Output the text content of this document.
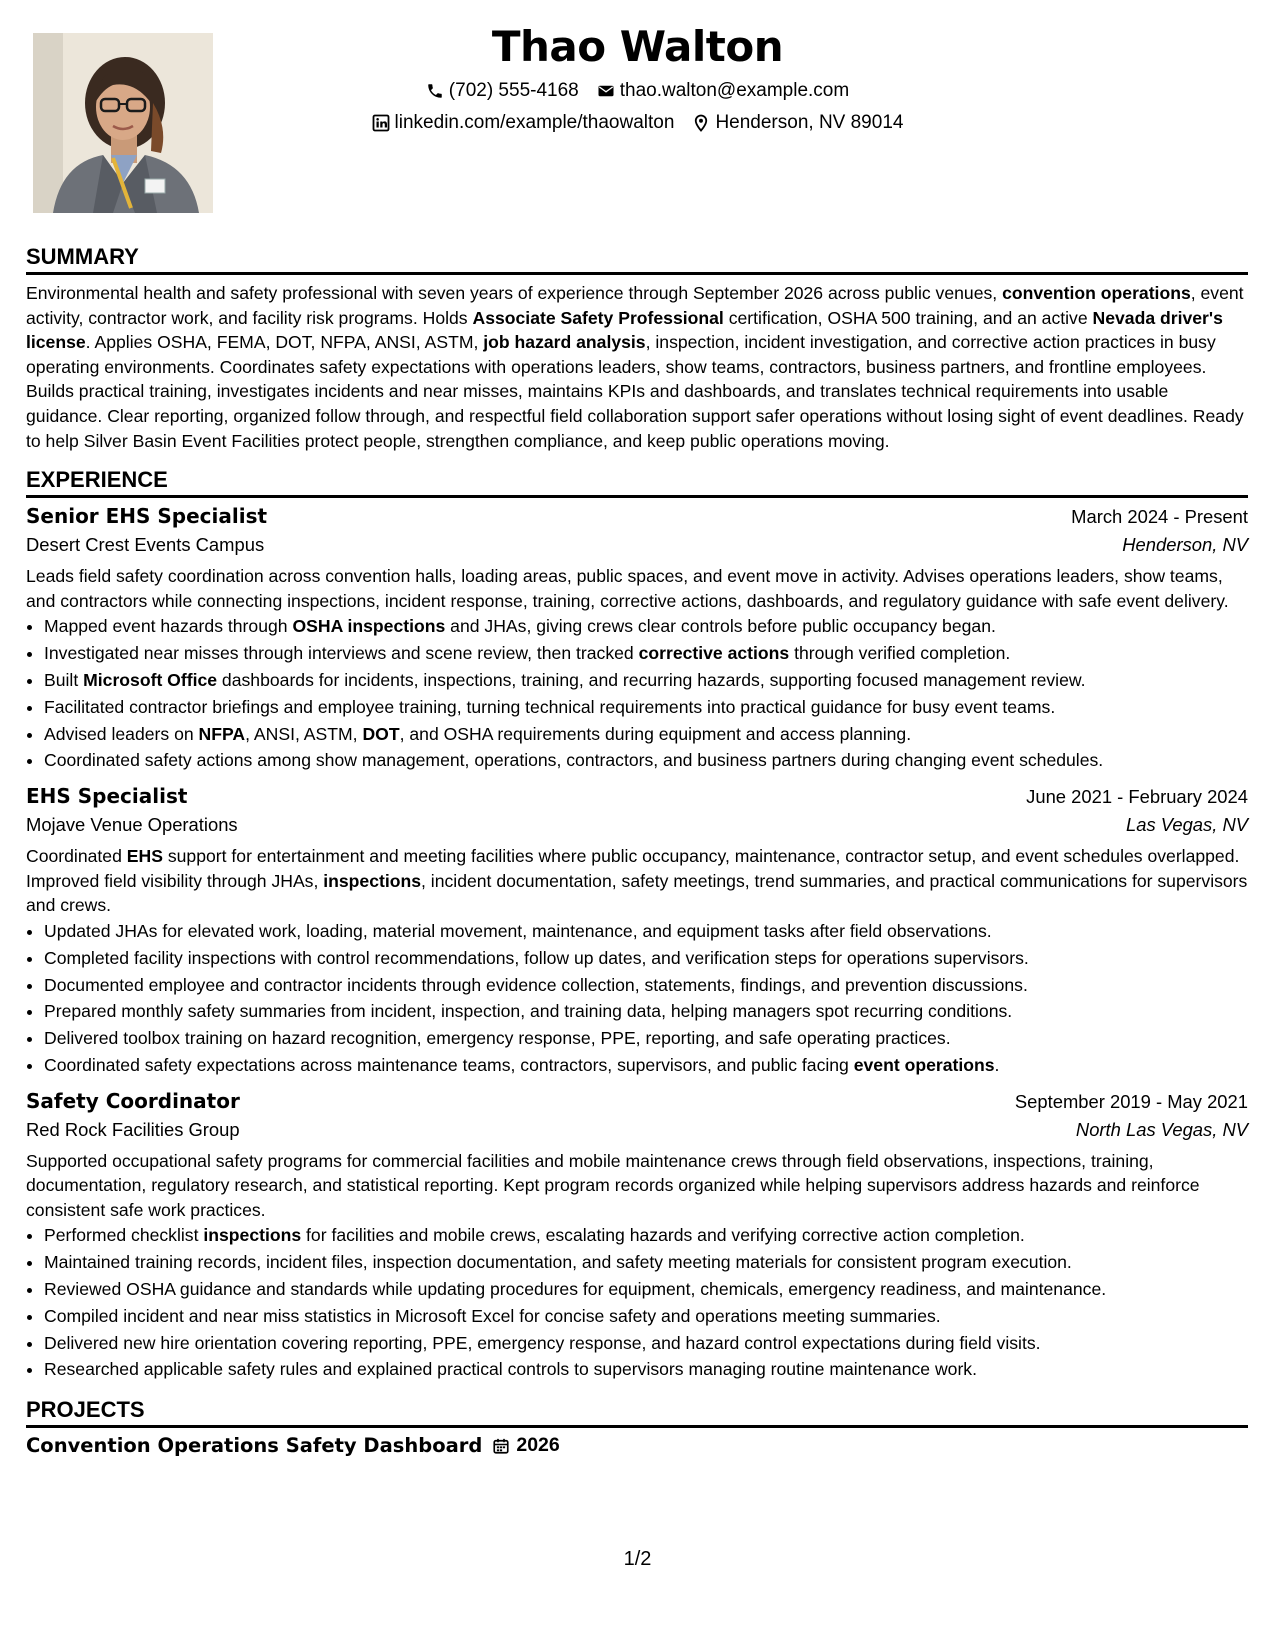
Thao Walton
(702) 555-4168 thao.walton@example.com
linkedin.com/example/thaowalton Henderson, NV 89014
SUMMARY

Environmental health and safety professional with seven years of experience through September 2026 across public venues, convention operations, event activity, contractor work, and facility risk programs. Holds Associate Safety Professional certification, OSHA 500 training, and an active Nevada driver's license. Applies OSHA, FEMA, DOT, NFPA, ANSI, ASTM, job hazard analysis, inspection, incident investigation, and corrective action practices in busy operating environments. Coordinates safety expectations with operations leaders, show teams, contractors, business partners, and frontline employees. Builds practical training, investigates incidents and near misses, maintains KPIs and dashboards, and translates technical requirements into usable guidance. Clear reporting, organized follow through, and respectful field collaboration support safer operations without losing sight of event deadlines. Ready to help Silver Basin Event Facilities protect people, strengthen compliance, and keep public operations moving.

EXPERIENCE
Senior EHS Specialist	March 2024 - Present
Desert Crest Events Campus	Henderson, NV

Leads field safety coordination across convention halls, loading areas, public spaces, and event move in activity. Advises operations leaders, show teams, and contractors while connecting inspections, incident response, training, corrective actions, dashboards, and regulatory guidance with safe event delivery.

• Mapped event hazards through OSHA inspections and JHAs, giving crews clear controls before public occupancy began.
• Investigated near misses through interviews and scene review, then tracked corrective actions through verified completion.
• Built Microsoft Office dashboards for incidents, inspections, training, and recurring hazards, supporting focused management review.
• Facilitated contractor briefings and employee training, turning technical requirements into practical guidance for busy event teams.
• Advised leaders on NFPA, ANSI, ASTM, DOT, and OSHA requirements during equipment and access planning.
• Coordinated safety actions among show management, operations, contractors, and business partners during changing event schedules.
EHS Specialist	June 2021 - February 2024
Mojave Venue Operations	Las Vegas, NV

Coordinated EHS support for entertainment and meeting facilities where public occupancy, maintenance, contractor setup, and event schedules overlapped. Improved field visibility through JHAs, inspections, incident documentation, safety meetings, trend summaries, and practical communications for supervisors and crews.

• Updated JHAs for elevated work, loading, material movement, maintenance, and equipment tasks after field observations.
• Completed facility inspections with control recommendations, follow up dates, and verification steps for operations supervisors.
• Documented employee and contractor incidents through evidence collection, statements, findings, and prevention discussions.
• Prepared monthly safety summaries from incident, inspection, and training data, helping managers spot recurring conditions.
• Delivered toolbox training on hazard recognition, emergency response, PPE, reporting, and safe operating practices.
• Coordinated safety expectations across maintenance teams, contractors, supervisors, and public facing event operations.
Safety Coordinator	September 2019 - May 2021
Red Rock Facilities Group	North Las Vegas, NV

Supported occupational safety programs for commercial facilities and mobile maintenance crews through field observations, inspections, training, documentation, regulatory research, and statistical reporting. Kept program records organized while helping supervisors address hazards and reinforce consistent safe work practices.

• Performed checklist inspections for facilities and mobile crews, escalating hazards and verifying corrective action completion.
• Maintained training records, incident files, inspection documentation, and safety meeting materials for consistent program execution.
• Reviewed OSHA guidance and standards while updating procedures for equipment, chemicals, emergency readiness, and maintenance.
• Compiled incident and near miss statistics in Microsoft Excel for concise safety and operations meeting summaries.
• Delivered new hire orientation covering reporting, PPE, emergency response, and hazard control expectations during field visits.
• Researched applicable safety rules and explained practical controls to supervisors managing routine maintenance work.
PROJECTS
Convention Operations Safety Dashboard 2026
1/2
